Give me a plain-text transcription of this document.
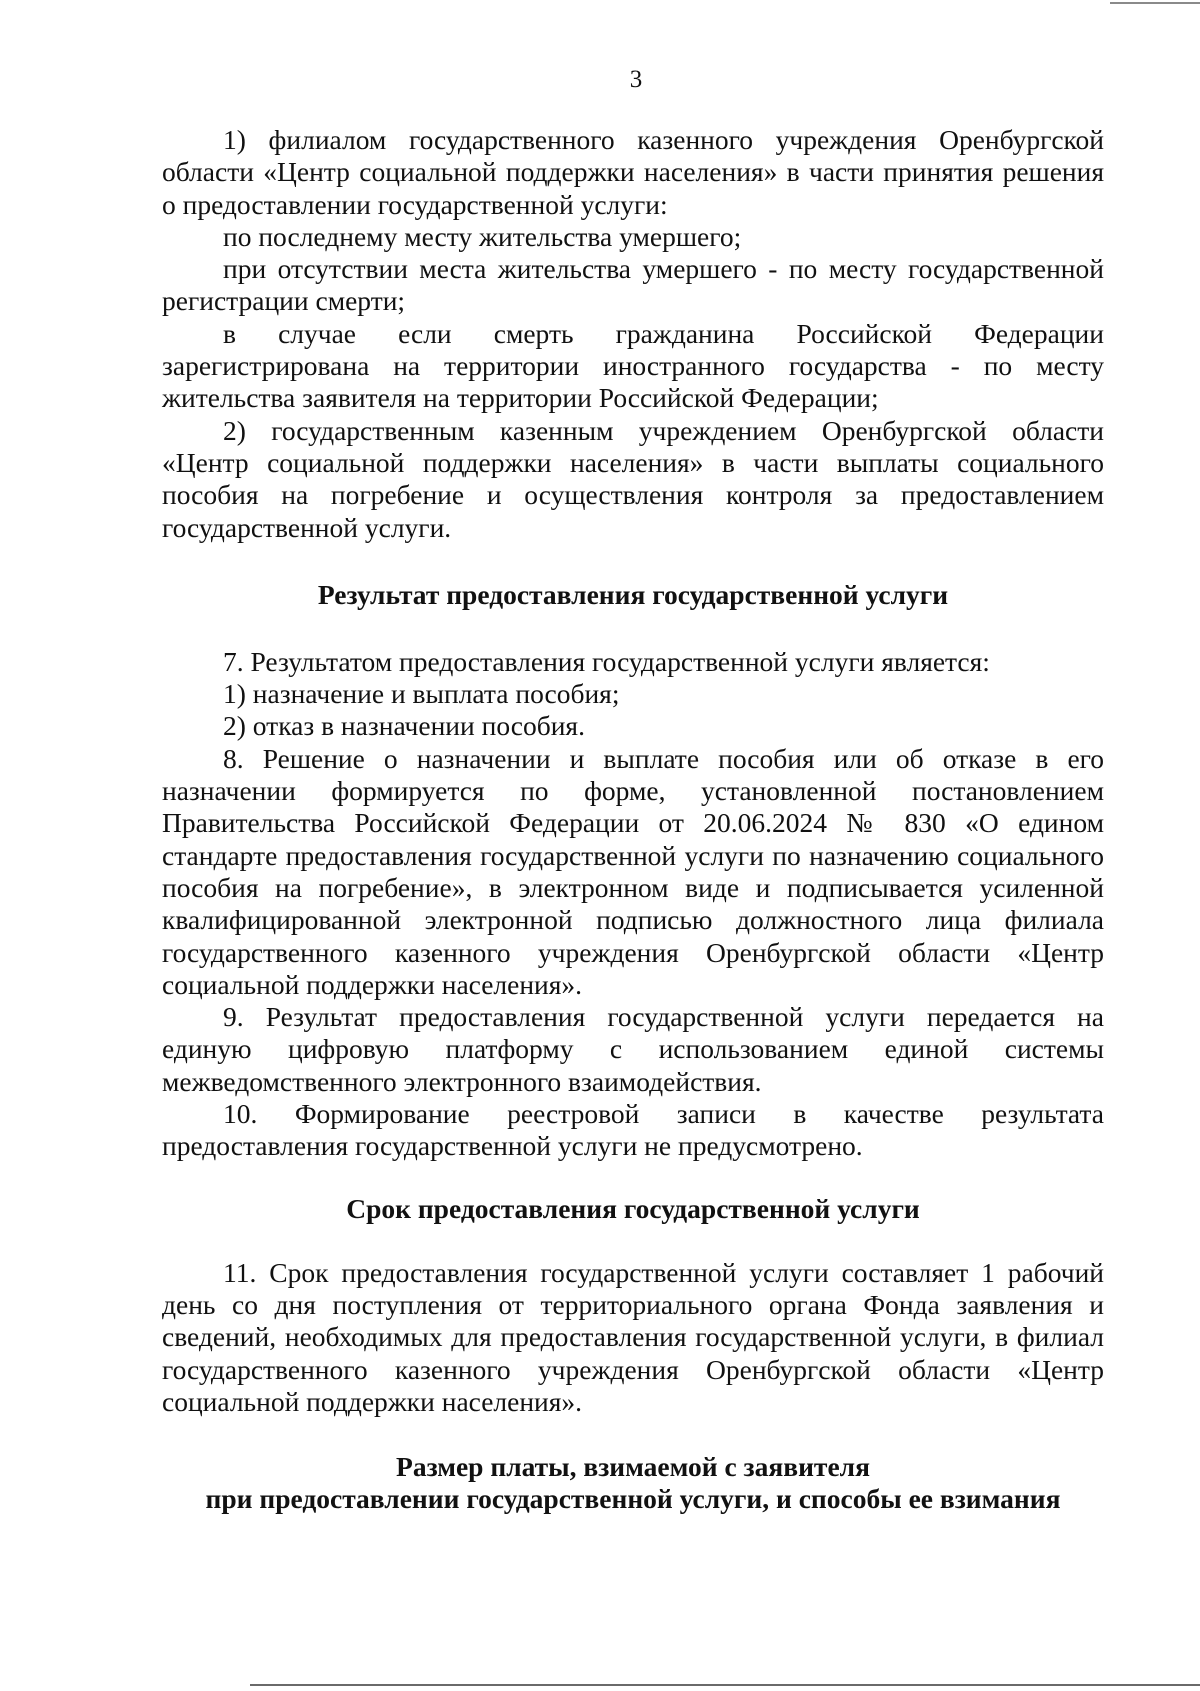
3

1) филиалом государственного казенного учреждения Оренбургской области «Центр социальной поддержки населения» в части принятия решения о предоставлении государственной услуги:

по последнему месту жительства умершего;

при отсутствии места жительства умершего - по месту государственной регистрации смерти;

в случае если смерть гражданина Российской Федерации зарегистрирована на территории иностранного государства - по месту жительства заявителя на территории Российской Федерации;

2) государственным казенным учреждением Оренбургской области «Центр социальной поддержки населения» в части выплаты социального пособия на погребение и осуществления контроля за предоставлением государственной услуги.

Результат предоставления государственной услуги

7. Результатом предоставления государственной услуги является:

1) назначение и выплата пособия;

2) отказ в назначении пособия.

8. Решение о назначении и выплате пособия или об отказе в его назначении формируется по форме, установленной постановлением Правительства Российской Федерации от 20.06.2024 № 830 «О едином стандарте предоставления государственной услуги по назначению социального пособия на погребение», в электронном виде и подписывается усиленной квалифицированной электронной подписью должностного лица филиала государственного казенного учреждения Оренбургской области «Центр социальной поддержки населения».

9. Результат предоставления государственной услуги передается на единую цифровую платформу с использованием единой системы межведомственного электронного взаимодействия.

10. Формирование реестровой записи в качестве результата предоставления государственной услуги не предусмотрено.

Срок предоставления государственной услуги

11. Срок предоставления государственной услуги составляет 1 рабочий день со дня поступления от территориального органа Фонда заявления и сведений, необходимых для предоставления государственной услуги, в филиал государственного казенного учреждения Оренбургской области «Центр социальной поддержки населения».

Размер платы, взимаемой с заявителя
при предоставлении государственной услуги, и способы ее взимания
